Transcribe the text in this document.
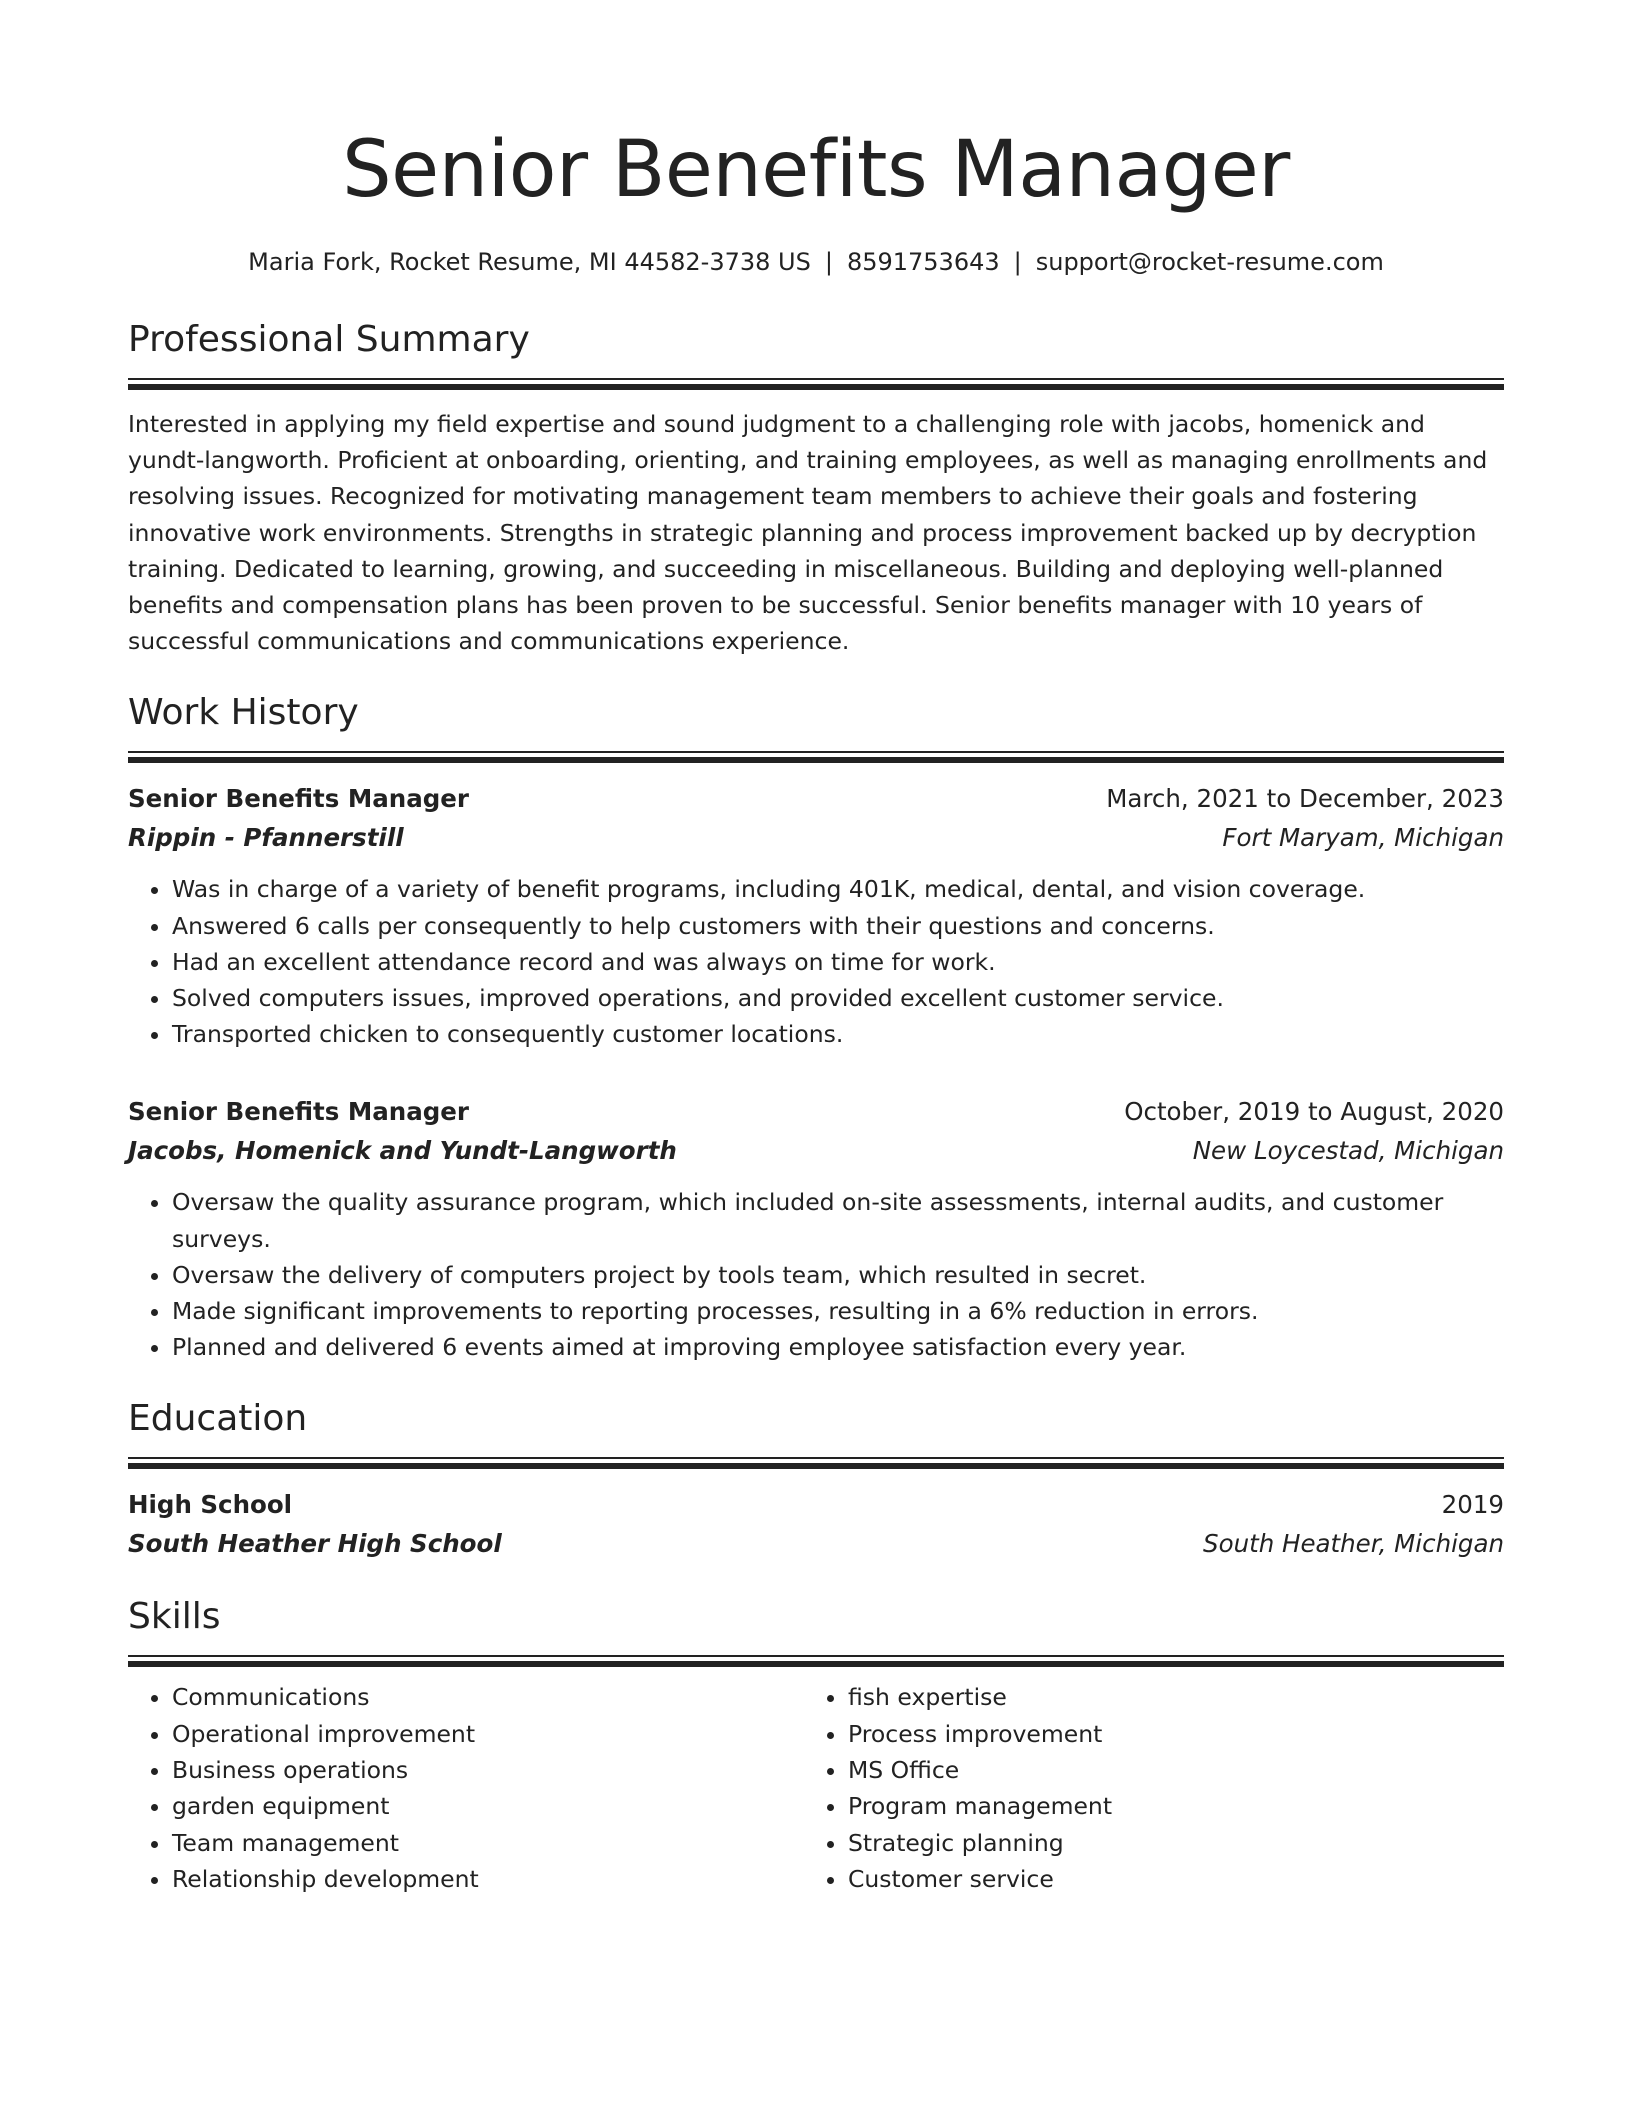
Senior Benefits Manager
Maria Fork, Rocket Resume, MI 44582-3738 US | 8591753643 | support@rocket-resume.com
Professional Summary
Interested in applying my field expertise and sound judgment to a challenging role with jacobs, homenick and yundt-langworth. Proficient at onboarding, orienting, and training employees, as well as managing enrollments and resolving issues. Recognized for motivating management team members to achieve their goals and fostering innovative work environments. Strengths in strategic planning and process improvement backed up by decryption training. Dedicated to learning, growing, and succeeding in miscellaneous. Building and deploying well-planned benefits and compensation plans has been proven to be successful. Senior benefits manager with 10 years of successful communications and communications experience.
Work History
Senior Benefits Manager	March, 2021 to December, 2023
Rippin - Pfannerstill	Fort Maryam, Michigan
• Was in charge of a variety of benefit programs, including 401K, medical, dental, and vision coverage.
• Answered 6 calls per consequently to help customers with their questions and concerns.
• Had an excellent attendance record and was always on time for work.
• Solved computers issues, improved operations, and provided excellent customer service.
• Transported chicken to consequently customer locations.
Senior Benefits Manager	October, 2019 to August, 2020
Jacobs, Homenick and Yundt-Langworth	New Loycestad, Michigan
• Oversaw the quality assurance program, which included on-site assessments, internal audits, and customer surveys.
• Oversaw the delivery of computers project by tools team, which resulted in secret.
• Made significant improvements to reporting processes, resulting in a 6% reduction in errors.
• Planned and delivered 6 events aimed at improving employee satisfaction every year.
Education
High School	2019
South Heather High School	South Heather, Michigan
Skills
• Communications
• Operational improvement
• Business operations
• garden equipment
• Team management
• Relationship development
• fish expertise
• Process improvement
• MS Office
• Program management
• Strategic planning
• Customer service
